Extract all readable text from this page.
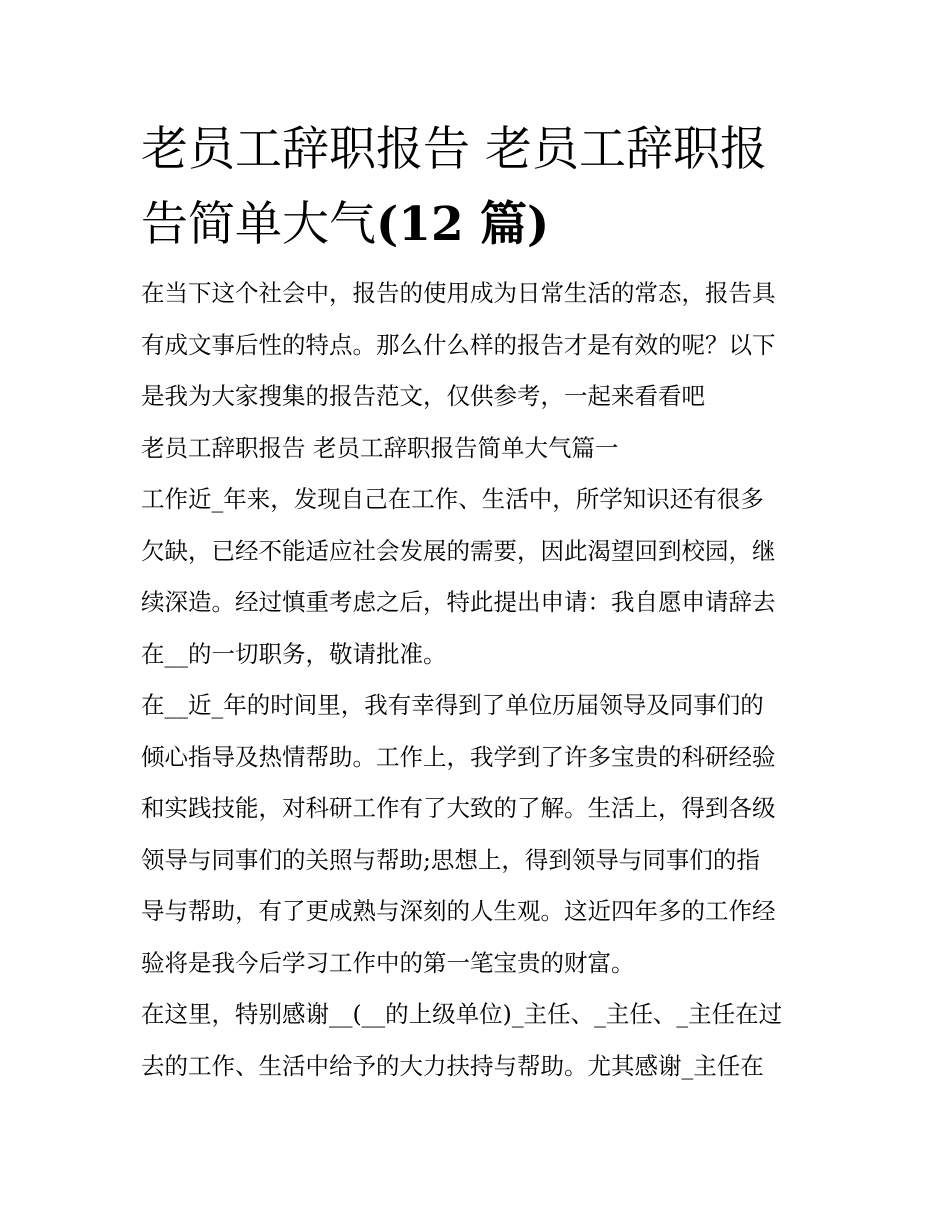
老员工辞职报告 老员工辞职报
告简单大气(12 篇)

在当下这个社会中，报告的使用成为日常生活的常态，报告具
有成文事后性的特点。那么什么样的报告才是有效的呢？以下
是我为大家搜集的报告范文，仅供参考，一起来看看吧

老员工辞职报告 老员工辞职报告简单大气篇一

工作近_年来，发现自己在工作、生活中，所学知识还有很多
欠缺，已经不能适应社会发展的需要，因此渴望回到校园，继
续深造。经过慎重考虑之后，特此提出申请：我自愿申请辞去
在__的一切职务，敬请批准。

在__近_年的时间里，我有幸得到了单位历届领导及同事们的
倾心指导及热情帮助。工作上，我学到了许多宝贵的科研经验
和实践技能，对科研工作有了大致的了解。生活上，得到各级
领导与同事们的关照与帮助;思想上，得到领导与同事们的指
导与帮助，有了更成熟与深刻的人生观。这近四年多的工作经
验将是我今后学习工作中的第一笔宝贵的财富。

在这里，特别感谢__(__的上级单位)_主任、_主任、_主任在过
去的工作、生活中给予的大力扶持与帮助。尤其感谢_主任在
